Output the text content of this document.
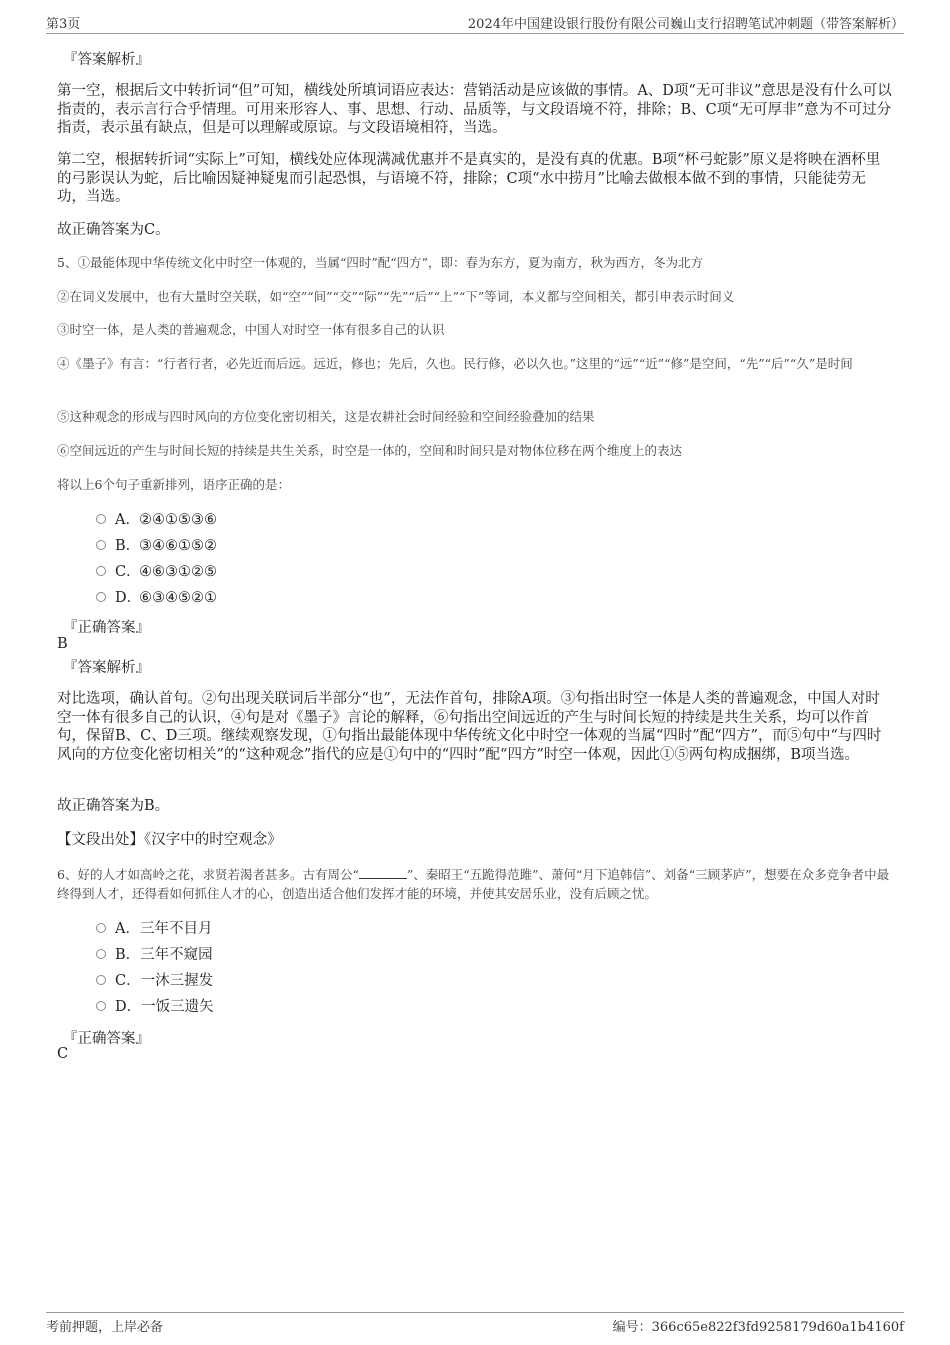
第3页	2024年中国建设银行股份有限公司巍山支行招聘笔试冲刺题（带答案解析）
『答案解析』
第一空，根据后文中转折词“但”可知，横线处所填词语应表达：营销活动是应该做的事情。A、D项“无可非议”意思是没有什么可以指责的，表示言行合乎情理。可用来形容人、事、思想、行动、品质等，与文段语境不符，排除；B、C项“无可厚非”意为不可过分指责，表示虽有缺点，但是可以理解或原谅。与文段语境相符，当选。
第二空，根据转折词“实际上”可知，横线处应体现满减优惠并不是真实的，是没有真的优惠。B项“杯弓蛇影”原义是将映在酒杯里的弓影误认为蛇，后比喻因疑神疑鬼而引起恐惧，与语境不符，排除；C项“水中捞月”比喻去做根本做不到的事情，只能徒劳无功，当选。
故正确答案为C。
5、①最能体现中华传统文化中时空一体观的，当属“四时”配“四方”，即：春为东方，夏为南方，秋为西方，冬为北方
②在词义发展中，也有大量时空关联，如“空”“间”“交”“际”“先”“后”“上”“下”等词，本义都与空间相关，都引申表示时间义
③时空一体，是人类的普遍观念，中国人对时空一体有很多自己的认识
④《墨子》有言：“行者行者，必先近而后远。远近，修也；先后，久也。民行修，必以久也。”这里的“远”“近”“修”是空间，“先”“后”“久”是时间
⑤这种观念的形成与四时风向的方位变化密切相关，这是农耕社会时间经验和空间经验叠加的结果
⑥空间远近的产生与时间长短的持续是共生关系，时空是一体的，空间和时间只是对物体位移在两个维度上的表达
将以上6个句子重新排列，语序正确的是：
A．②④①⑤③⑥
B．③④⑥①⑤②
C．④⑥③①②⑤
D．⑥③④⑤②①
『正确答案』
B
『答案解析』
对比选项，确认首句。②句出现关联词后半部分“也”，无法作首句，排除A项。③句指出时空一体是人类的普遍观念，中国人对时空一体有很多自己的认识，④句是对《墨子》言论的解释，⑥句指出空间远近的产生与时间长短的持续是共生关系，均可以作首句，保留B、C、D三项。继续观察发现，①句指出最能体现中华传统文化中时空一体观的当属“四时”配“四方”，而⑤句中“与四时风向的方位变化密切相关”的“这种观念”指代的应是①句中的“四时”配“四方”时空一体观，因此①⑤两句构成捆绑，B项当选。
故正确答案为B。
【文段出处】《汉字中的时空观念》
6、好的人才如高岭之花，求贤若渴者甚多。古有周公“	”、秦昭王“五跪得范雎”、萧何“月下追韩信”、刘备“三顾茅庐”，想要在众多竞争者中最终得到人才，还得看如何抓住人才的心，创造出适合他们发挥才能的环境，并使其安居乐业，没有后顾之忧。
A．三年不目月
B．三年不窥园
C．一沐三握发
D．一饭三遗矢
『正确答案』
C
考前押题，上岸必备	编号：366c65e822f3fd9258179d60a1b4160f
